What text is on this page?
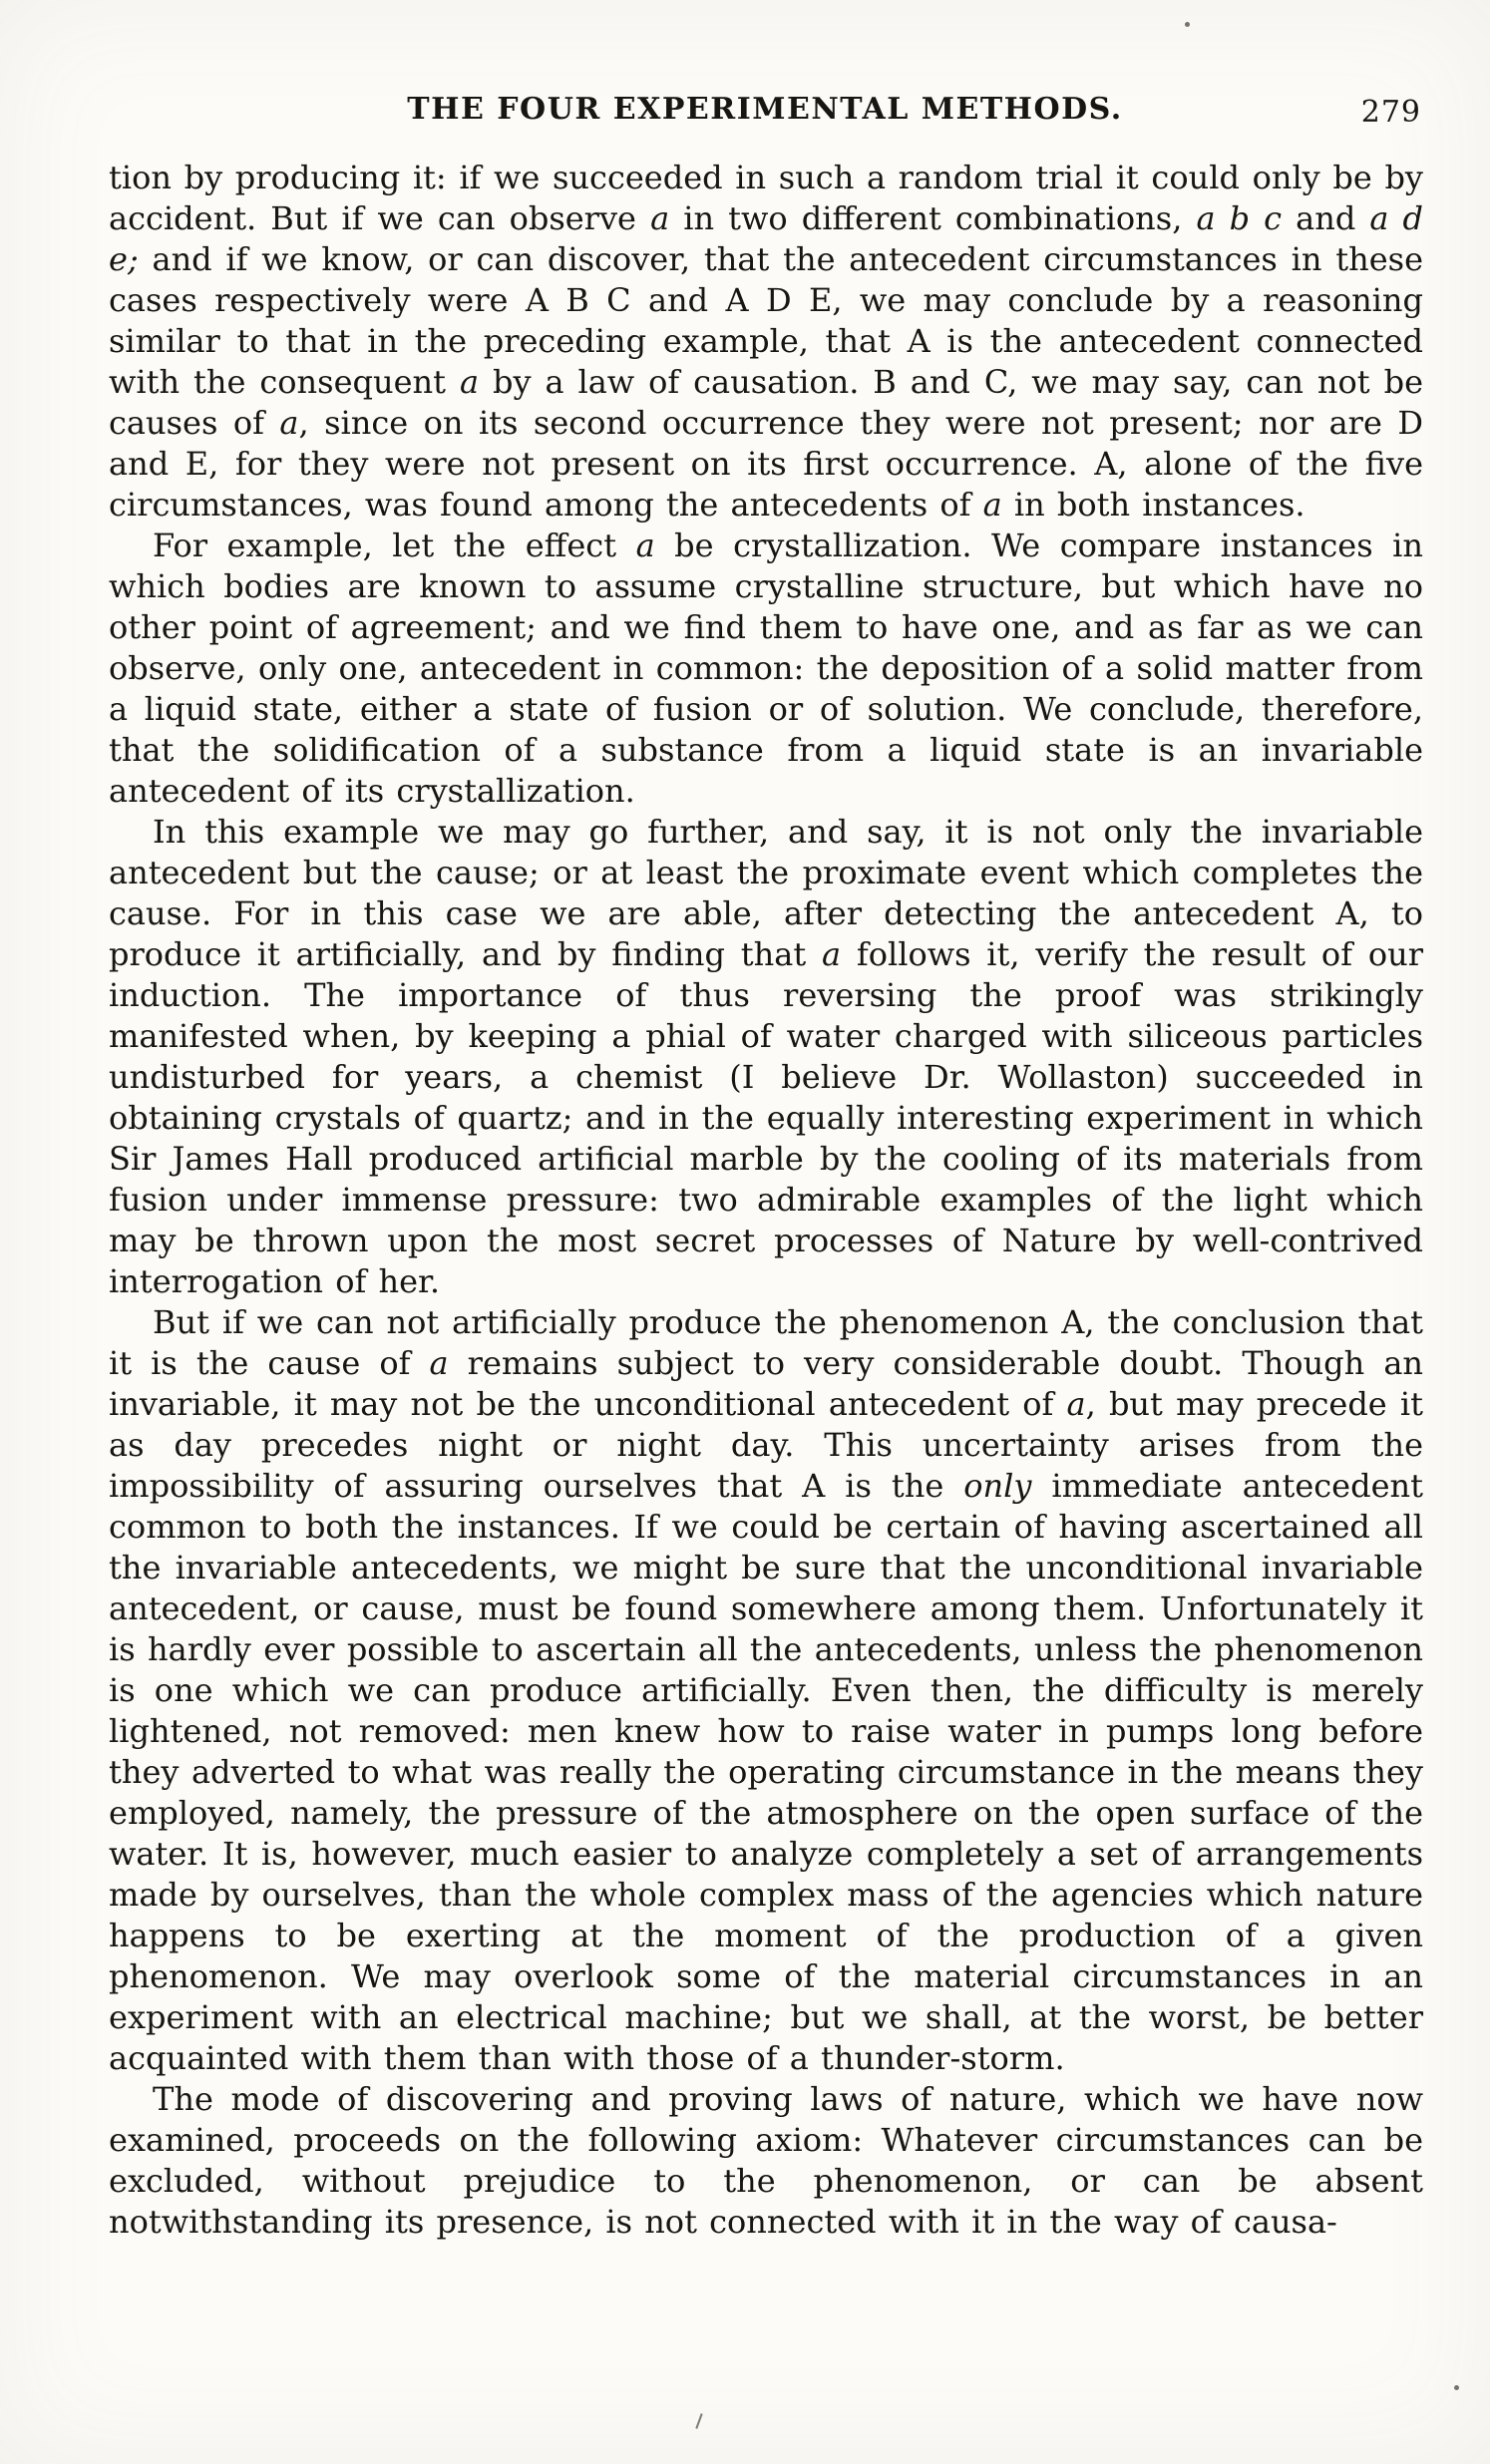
THE FOUR EXPERIMENTAL METHODS.	279

tion by producing it: if we succeeded in such a random trial it could only be by accident. But if we can observe a in two different combinations, a b c and a d e; and if we know, or can discover, that the antecedent circumstances in these cases respectively were A B C and A D E, we may conclude by a reasoning similar to that in the preceding example, that A is the antecedent connected with the consequent a by a law of causation. B and C, we may say, can not be causes of a, since on its second occurrence they were not present; nor are D and E, for they were not present on its first occurrence. A, alone of the five circumstances, was found among the antecedents of a in both instances.

For example, let the effect a be crystallization. We compare instances in which bodies are known to assume crystalline structure, but which have no other point of agreement; and we find them to have one, and as far as we can observe, only one, antecedent in common: the deposition of a solid matter from a liquid state, either a state of fusion or of solution. We conclude, therefore, that the solidification of a substance from a liquid state is an invariable antecedent of its crystallization.

In this example we may go further, and say, it is not only the invariable antecedent but the cause; or at least the proximate event which completes the cause. For in this case we are able, after detecting the antecedent A, to produce it artificially, and by finding that a follows it, verify the result of our induction. The importance of thus reversing the proof was strikingly manifested when, by keeping a phial of water charged with siliceous particles undisturbed for years, a chemist (I believe Dr. Wollaston) succeeded in obtaining crystals of quartz; and in the equally interesting experiment in which Sir James Hall produced artificial marble by the cooling of its materials from fusion under immense pressure: two admirable examples of the light which may be thrown upon the most secret processes of Nature by well-contrived interrogation of her.

But if we can not artificially produce the phenomenon A, the conclusion that it is the cause of a remains subject to very considerable doubt. Though an invariable, it may not be the unconditional antecedent of a, but may precede it as day precedes night or night day. This uncertainty arises from the impossibility of assuring ourselves that A is the only immediate antecedent common to both the instances. If we could be certain of having ascertained all the invariable antecedents, we might be sure that the unconditional invariable antecedent, or cause, must be found somewhere among them. Unfortunately it is hardly ever possible to ascertain all the antecedents, unless the phenomenon is one which we can produce artificially. Even then, the difficulty is merely lightened, not removed: men knew how to raise water in pumps long before they adverted to what was really the operating circumstance in the means they employed, namely, the pressure of the atmosphere on the open surface of the water. It is, however, much easier to analyze completely a set of arrangements made by ourselves, than the whole complex mass of the agencies which nature happens to be exerting at the moment of the production of a given phenomenon. We may overlook some of the material circumstances in an experiment with an electrical machine; but we shall, at the worst, be better acquainted with them than with those of a thunder-storm.

The mode of discovering and proving laws of nature, which we have now examined, proceeds on the following axiom: Whatever circumstances can be excluded, without prejudice to the phenomenon, or can be absent notwithstanding its presence, is not connected with it in the way of causa-
